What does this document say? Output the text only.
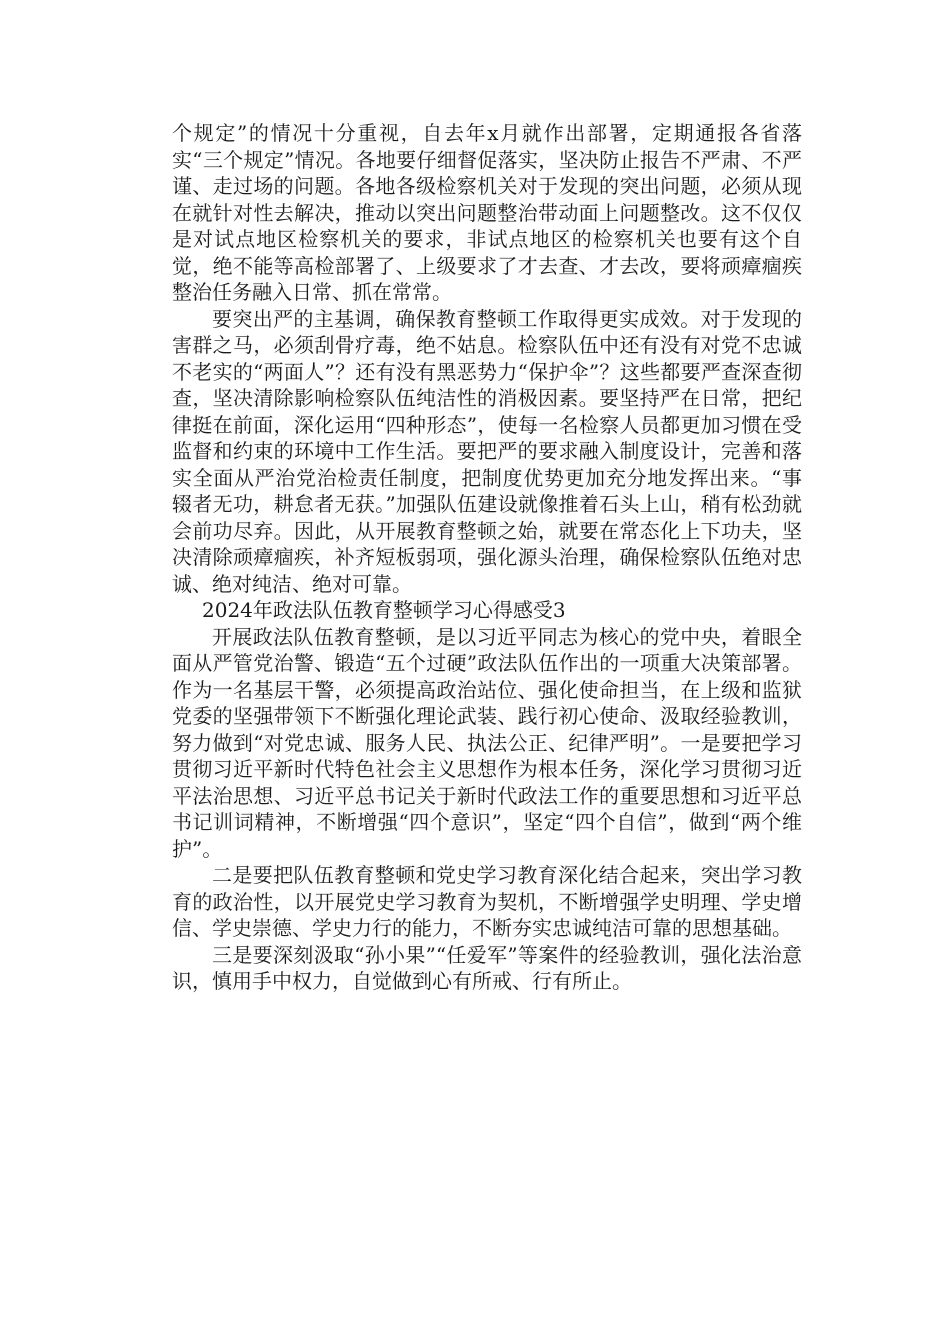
个规定”的情况十分重视，自去年x月就作出部署，定期通报各省落实“三个规定”情况。各地要仔细督促落实，坚决防止报告不严肃、不严谨、走过场的问题。各地各级检察机关对于发现的突出问题，必须从现在就针对性去解决，推动以突出问题整治带动面上问题整改。这不仅仅是对试点地区检察机关的要求，非试点地区的检察机关也要有这个自觉，绝不能等高检部署了、上级要求了才去查、才去改，要将顽瘴痼疾整治任务融入日常、抓在常常。

要突出严的主基调，确保教育整顿工作取得更实成效。对于发现的害群之马，必须刮骨疗毒，绝不姑息。检察队伍中还有没有对党不忠诚不老实的“两面人”？还有没有黑恶势力“保护伞”？这些都要严查深查彻查，坚决清除影响检察队伍纯洁性的消极因素。要坚持严在日常，把纪律挺在前面，深化运用“四种形态”，使每一名检察人员都更加习惯在受监督和约束的环境中工作生活。要把严的要求融入制度设计，完善和落实全面从严治党治检责任制度，把制度优势更加充分地发挥出来。“事辍者无功，耕怠者无获。”加强队伍建设就像推着石头上山，稍有松劲就会前功尽弃。因此，从开展教育整顿之始，就要在常态化上下功夫，坚决清除顽瘴痼疾，补齐短板弱项，强化源头治理，确保检察队伍绝对忠诚、绝对纯洁、绝对可靠。

2024年政法队伍教育整顿学习心得感受3

开展政法队伍教育整顿，是以习近平同志为核心的党中央，着眼全面从严管党治警、锻造“五个过硬”政法队伍作出的一项重大决策部署。作为一名基层干警，必须提高政治站位、强化使命担当，在上级和监狱党委的坚强带领下不断强化理论武装、践行初心使命、汲取经验教训，努力做到“对党忠诚、服务人民、执法公正、纪律严明”。一是要把学习贯彻习近平新时代特色社会主义思想作为根本任务，深化学习贯彻习近平法治思想、习近平总书记关于新时代政法工作的重要思想和习近平总书记训词精神，不断增强“四个意识”，坚定“四个自信”，做到“两个维护”。

二是要把队伍教育整顿和党史学习教育深化结合起来，突出学习教育的政治性，以开展党史学习教育为契机，不断增强学史明理、学史增信、学史崇德、学史力行的能力，不断夯实忠诚纯洁可靠的思想基础。

三是要深刻汲取“孙小果”“任爱军”等案件的经验教训，强化法治意识，慎用手中权力，自觉做到心有所戒、行有所止。
